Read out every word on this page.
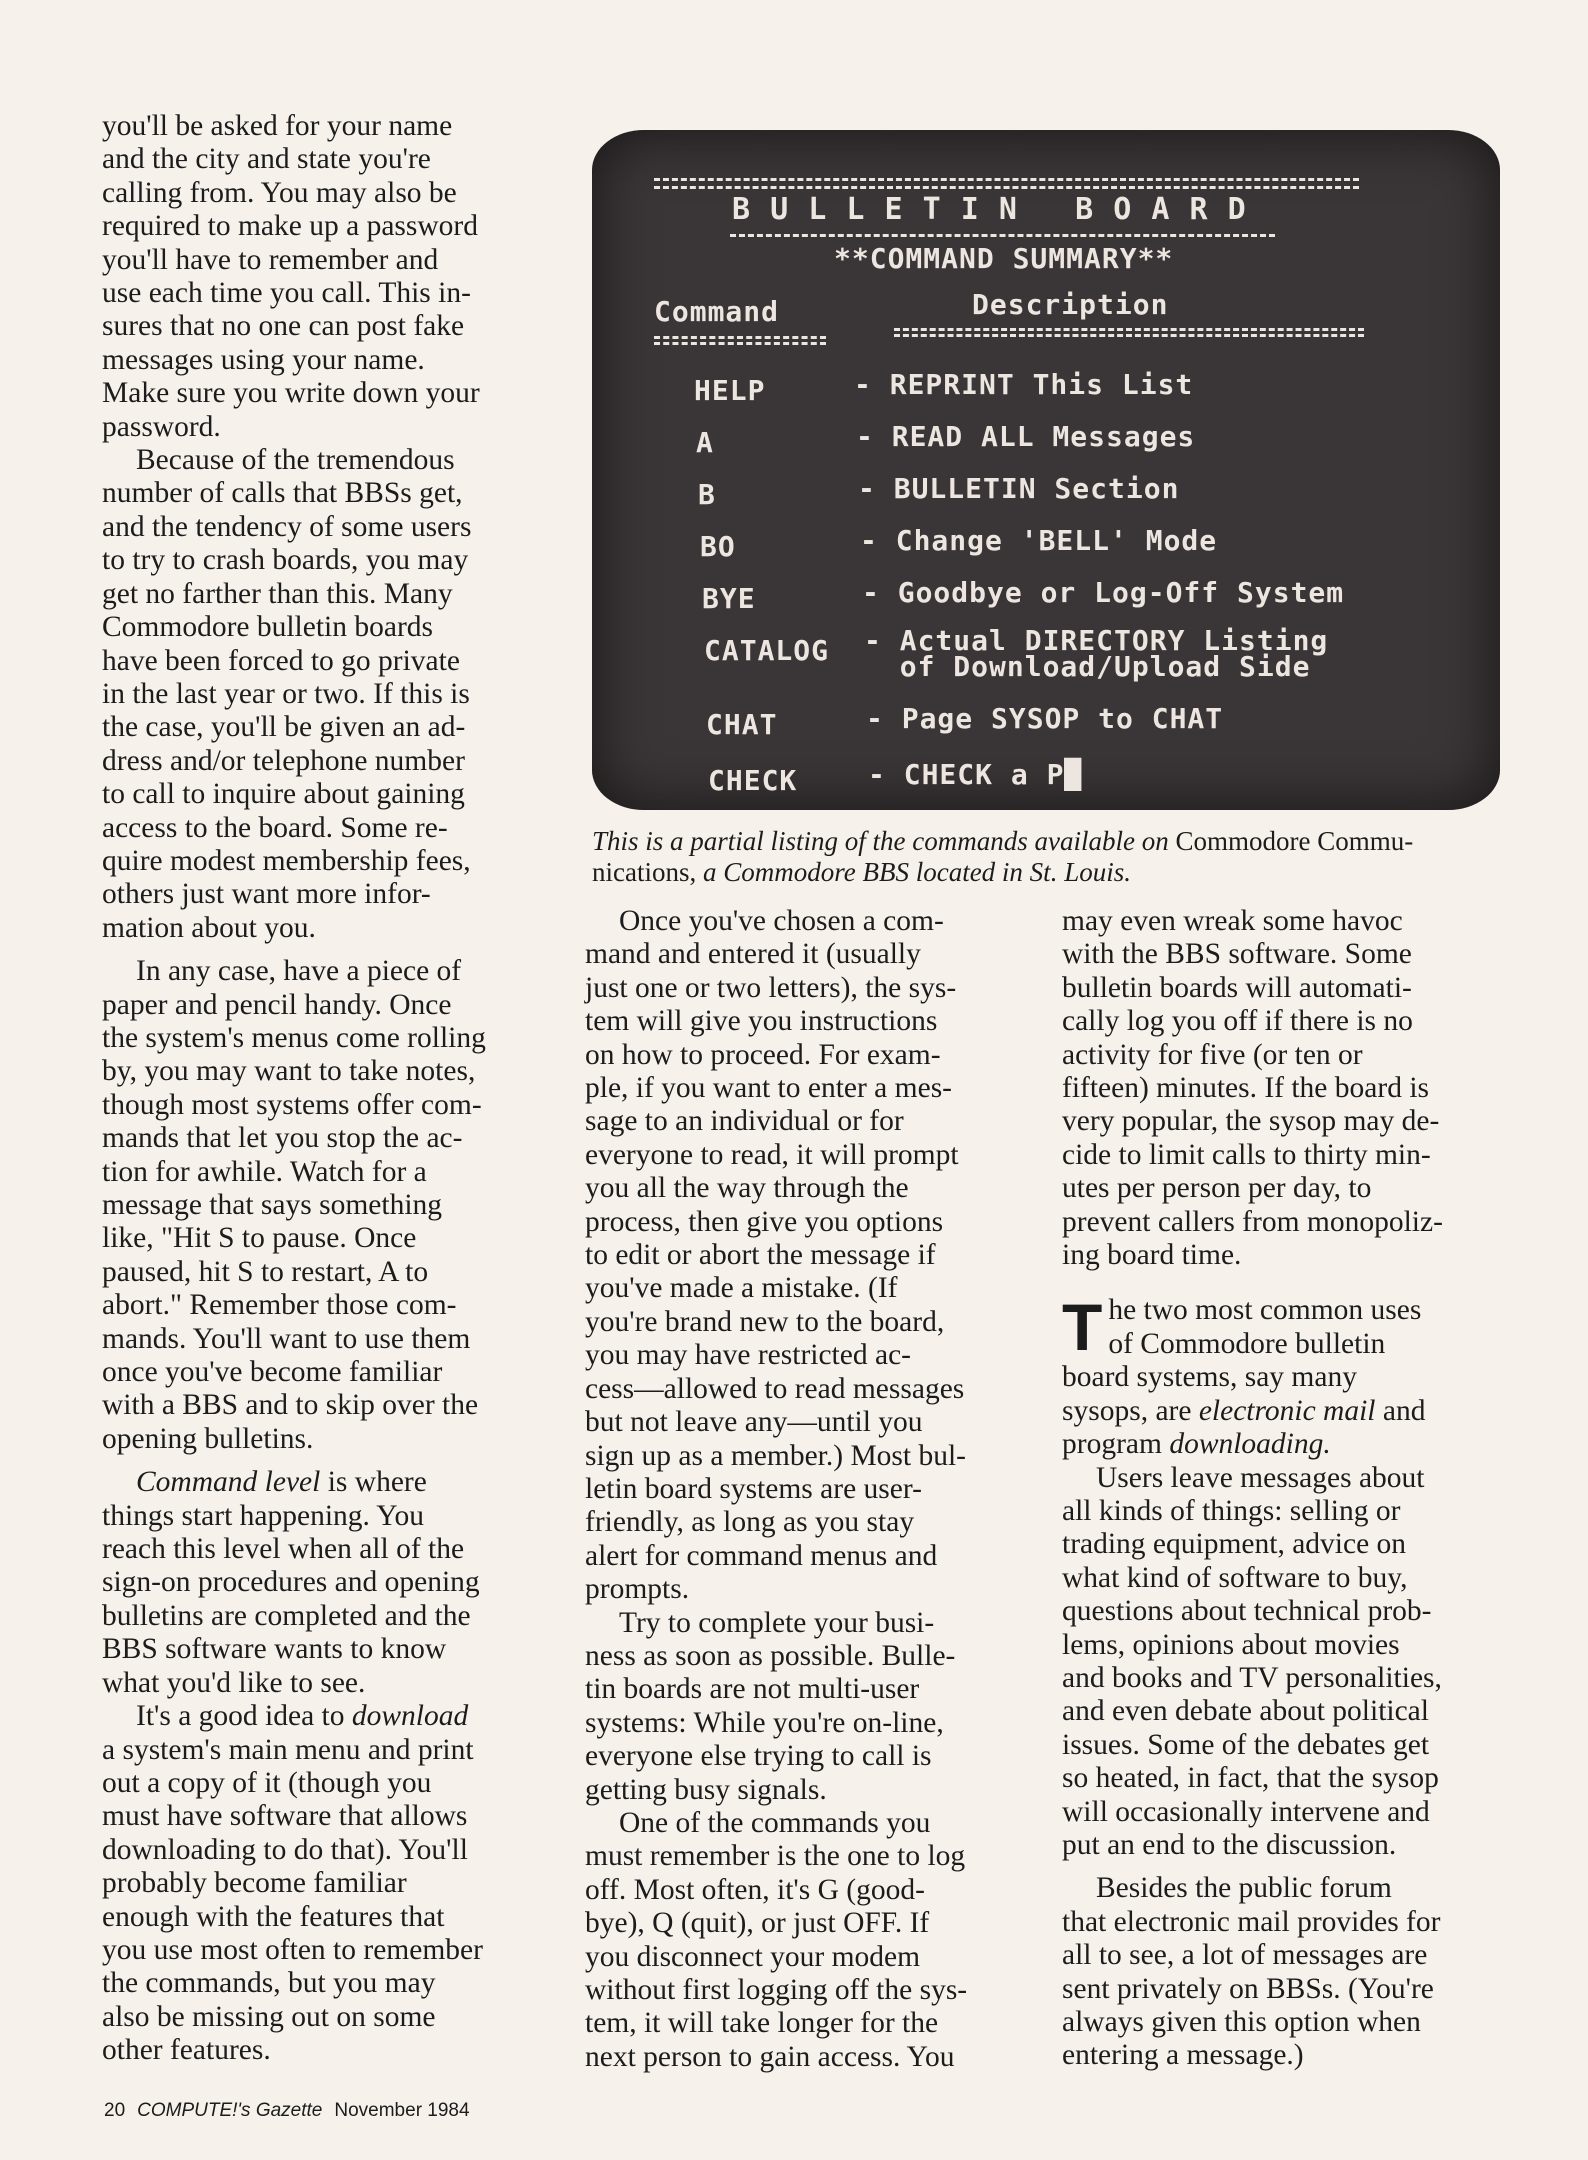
you'll be asked for your name
and the city and state you're
calling from. You may also be
required to make up a password
you'll have to remember and
use each time you call. This in-
sures that no one can post fake
messages using your name.
Make sure you write down your
password.

Because of the tremendous
number of calls that BBSs get,
and the tendency of some users
to try to crash boards, you may
get no farther than this. Many
Commodore bulletin boards
have been forced to go private
in the last year or two. If this is
the case, you'll be given an ad-
dress and/or telephone number
to call to inquire about gaining
access to the board. Some re-
quire modest membership fees,
others just want more infor-
mation about you.

In any case, have a piece of
paper and pencil handy. Once
the system's menus come rolling
by, you may want to take notes,
though most systems offer com-
mands that let you stop the ac-
tion for awhile. Watch for a
message that says something
like, "Hit S to pause. Once
paused, hit S to restart, A to
abort." Remember those com-
mands. You'll want to use them
once you've become familiar
with a BBS and to skip over the
opening bulletins.

Command level is where
things start happening. You
reach this level when all of the
sign-on procedures and opening
bulletins are completed and the
BBS software wants to know
what you'd like to see.

It's a good idea to download
a system's main menu and print
out a copy of it (though you
must have software that allows
downloading to do that). You'll
probably become familiar
enough with the features that
you use most often to remember
the commands, but you may
also be missing out on some
other features.

B U L L E T I N   B O A R D
**COMMAND SUMMARY**
Command	Description
HELP	- REPRINT This List
A	- READ ALL Messages
B	- BULLETIN Section
BO	- Change 'BELL' Mode
BYE	- Goodbye or Log-Off System
CATALOG - Actual DIRECTORY Listing
of Download/Upload Side
CHAT	- Page SYSOP to CHAT
CHECK	- CHECK a P█
This is a partial listing of the commands available on Commodore Commu-
nications, a Commodore BBS located in St. Louis.

Once you've chosen a com-
mand and entered it (usually
just one or two letters), the sys-
tem will give you instructions
on how to proceed. For exam-
ple, if you want to enter a mes-
sage to an individual or for
everyone to read, it will prompt
you all the way through the
process, then give you options
to edit or abort the message if
you've made a mistake. (If
you're brand new to the board,
you may have restricted ac-
cess—allowed to read messages
but not leave any—until you
sign up as a member.) Most bul-
letin board systems are user-
friendly, as long as you stay
alert for command menus and
prompts.

Try to complete your busi-
ness as soon as possible. Bulle-
tin boards are not multi-user
systems: While you're on-line,
everyone else trying to call is
getting busy signals.

One of the commands you
must remember is the one to log
off. Most often, it's G (good-
bye), Q (quit), or just OFF. If
you disconnect your modem
without first logging off the sys-
tem, it will take longer for the
next person to gain access. You

may even wreak some havoc
with the BBS software. Some
bulletin boards will automati-
cally log you off if there is no
activity for five (or ten or
fifteen) minutes. If the board is
very popular, the sysop may de-
cide to limit calls to thirty min-
utes per person per day, to
prevent callers from monopoliz-
ing board time.

The two most common uses
of Commodore bulletin
board systems, say many
sysops, are electronic mail and
program downloading.

Users leave messages about
all kinds of things: selling or
trading equipment, advice on
what kind of software to buy,
questions about technical prob-
lems, opinions about movies
and books and TV personalities,
and even debate about political
issues. Some of the debates get
so heated, in fact, that the sysop
will occasionally intervene and
put an end to the discussion.

Besides the public forum
that electronic mail provides for
all to see, a lot of messages are
sent privately on BBSs. (You're
always given this option when
entering a message.)

20 COMPUTE!'s Gazette November 1984
